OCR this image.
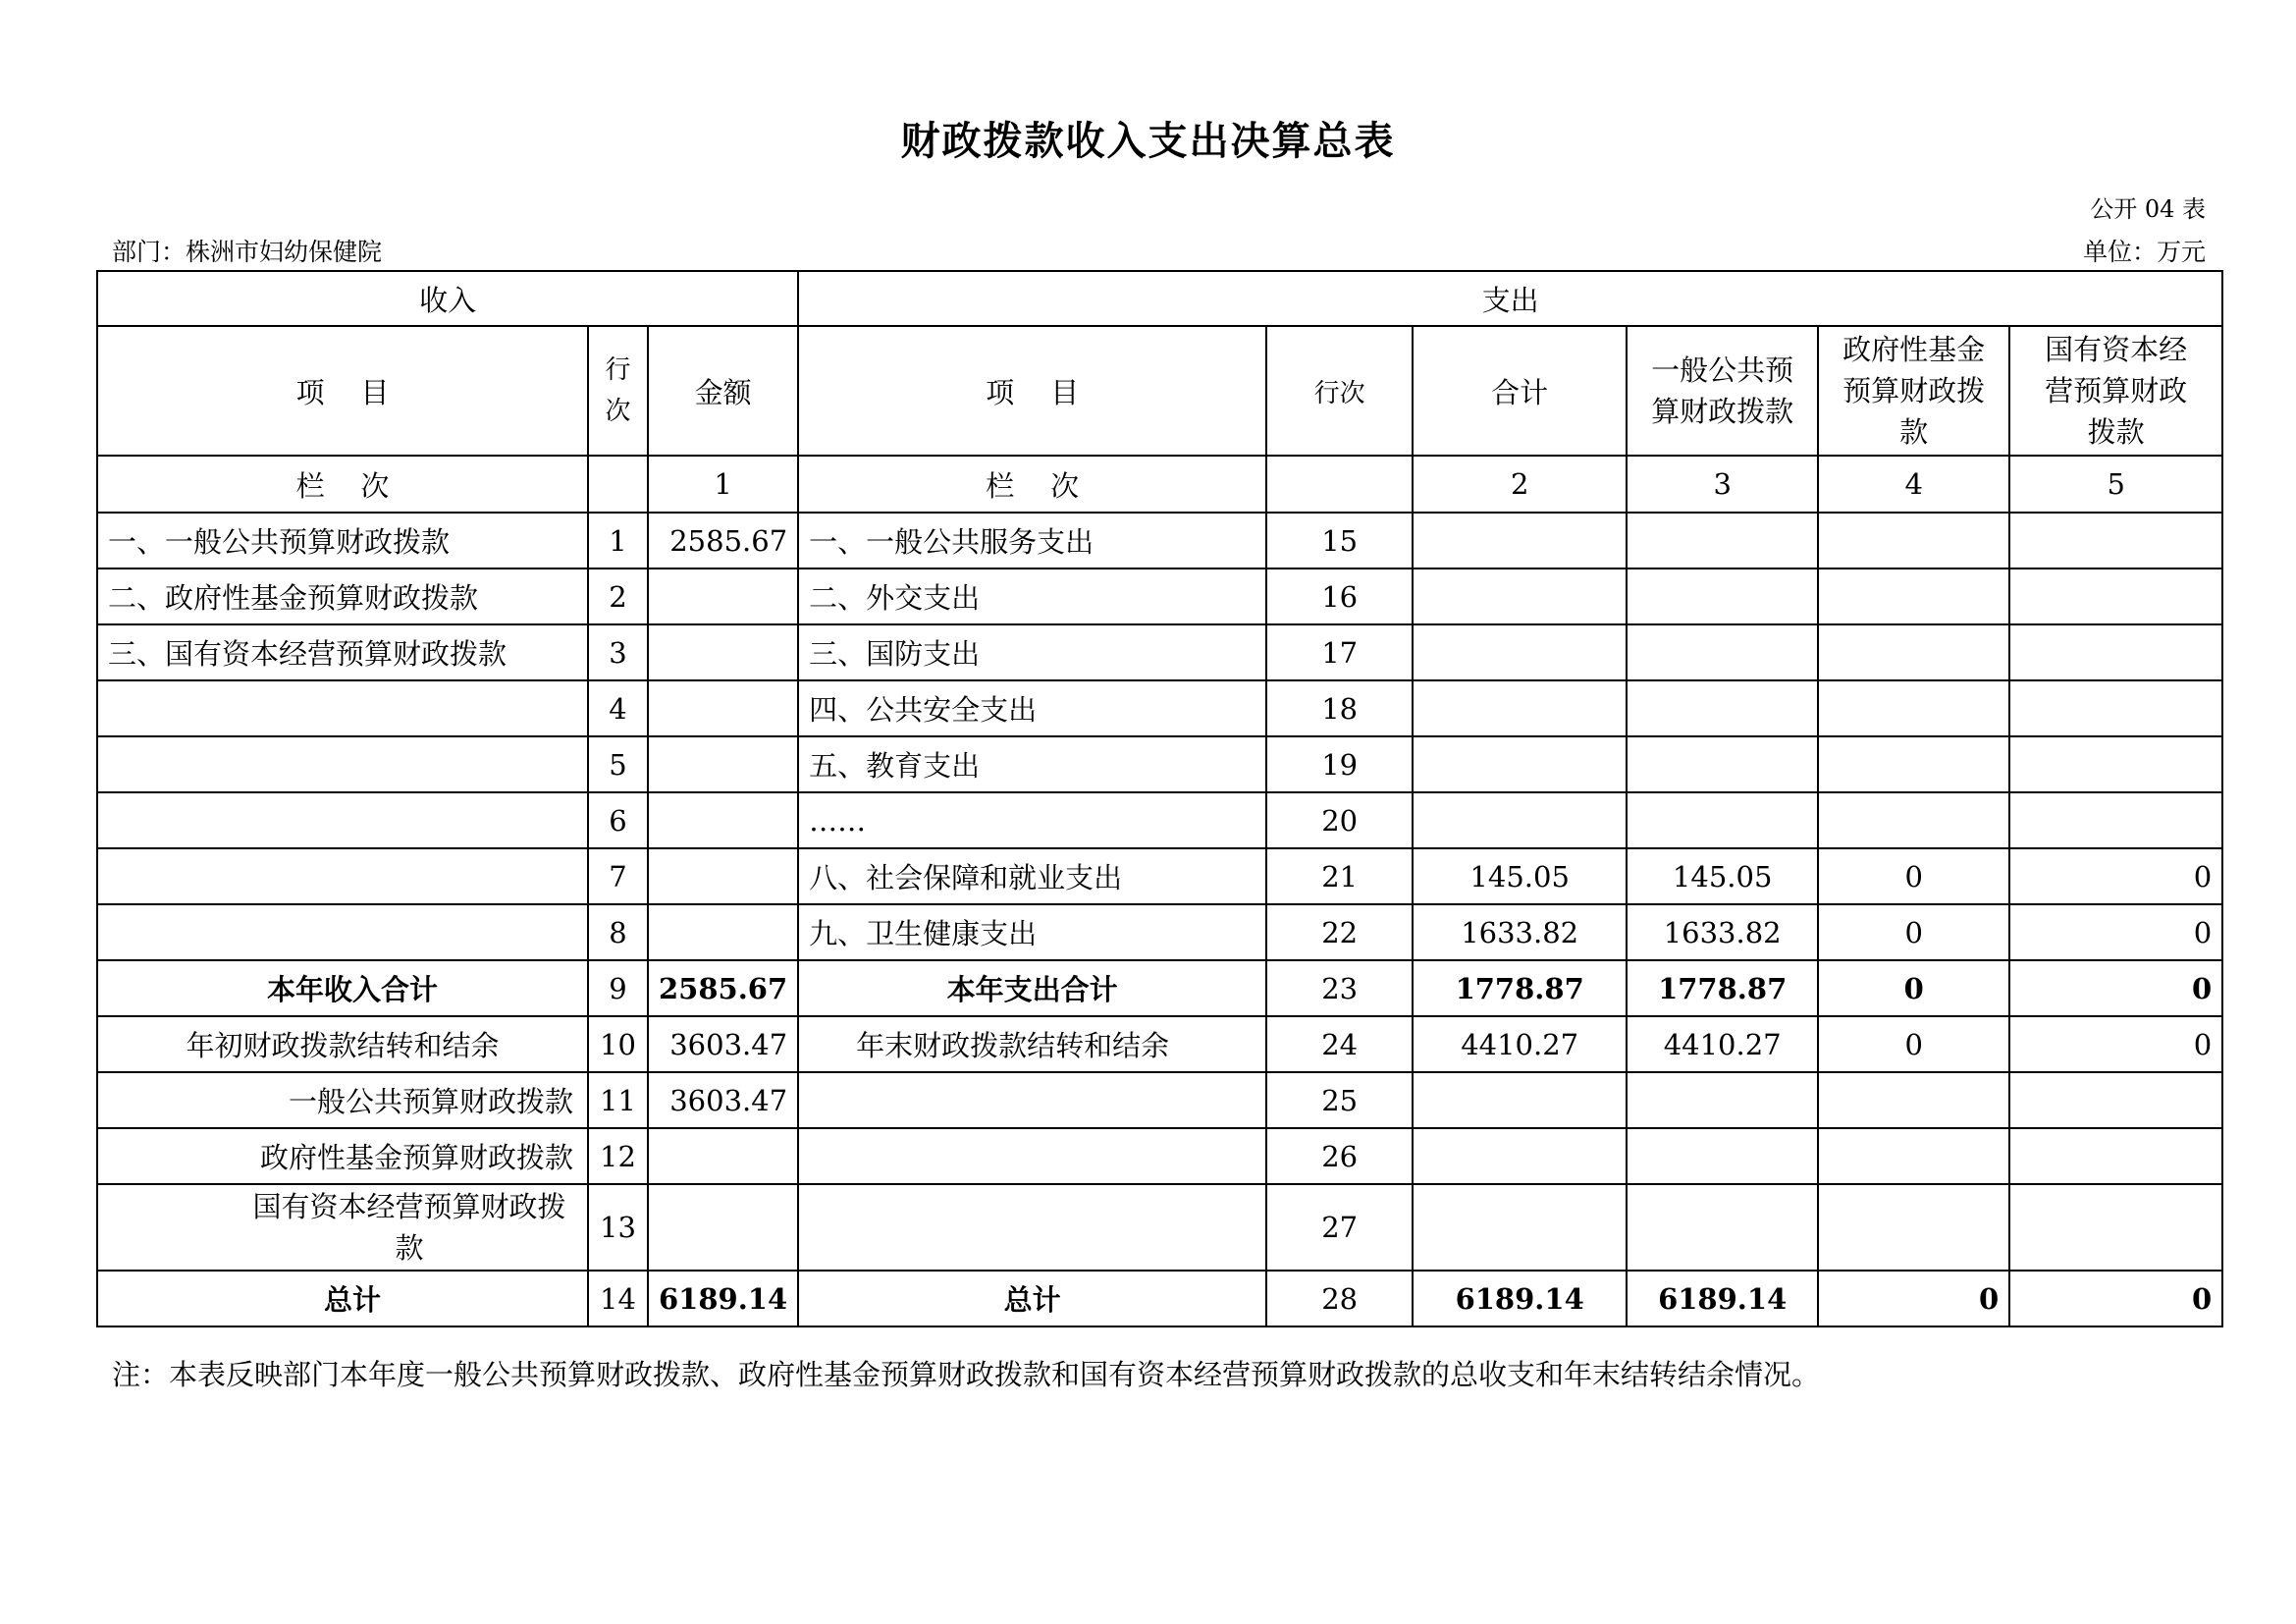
财政拨款收入支出决算总表
公开 04 表
部门：株洲市妇幼保健院	单位：万元
收入			支出					
项    目	行次	金额	项    目	行次	合计	一般公共预算财政拨款	政府性基金预算财政拨款	国有资本经营预算财政拨款
栏    次		1	栏    次		2	3	4	5
一、一般公共预算财政拨款	1	2585.67	一、一般公共服务支出	15				
二、政府性基金预算财政拨款	2		二、外交支出	16				
三、国有资本经营预算财政拨款	3		三、国防支出	17				
	4		四、公共安全支出	18				
	5		五、教育支出	19				
	6		……	20				
	7		八、社会保障和就业支出	21	145.05	145.05	0	0
	8		九、卫生健康支出	22	1633.82	1633.82	0	0
本年收入合计	9	2585.67	本年支出合计	23	1778.87	1778.87	0	0
年初财政拨款结转和结余	10	3603.47	年末财政拨款结转和结余	24	4410.27	4410.27	0	0
一般公共预算财政拨款	11	3603.47		25				
政府性基金预算财政拨款	12			26				
国有资本经营预算财政拨款	13			27				
总计	14	6189.14	总计	28	6189.14	6189.14	0	0
注：本表反映部门本年度一般公共预算财政拨款、政府性基金预算财政拨款和国有资本经营预算财政拨款的总收支和年末结转结余情况。
